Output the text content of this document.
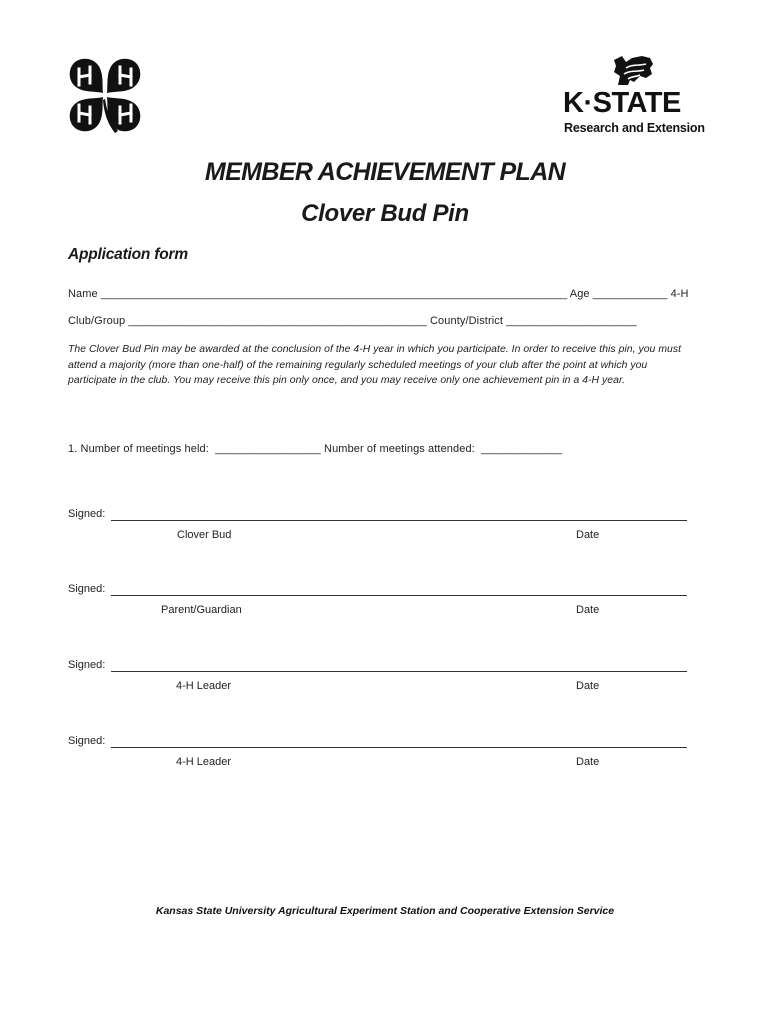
K·STATE
Research and Extension
MEMBER ACHIEVEMENT PLAN
Clover Bud Pin
Application form
Name ___________________________________________________________________________ Age ____________ 4-H
Club/Group ________________________________________________ County/District _____________________
The Clover Bud Pin may be awarded at the conclusion of the 4-H year in which you participate. In order to receive this pin, you must attend a majority (more than one-half) of the remaining regularly scheduled meetings of your club after the point at which you participate in the club. You may receive this pin only once, and you may receive only one achievement pin in a 4-H year.
1. Number of meetings held:  _________________ Number of meetings attended:  _____________
Signed:
Clover Bud	Date
Signed:
Parent/Guardian	Date
Signed:
4-H Leader	Date
Signed:
4-H Leader	Date
Kansas State University Agricultural Experiment Station and Cooperative Extension Service
